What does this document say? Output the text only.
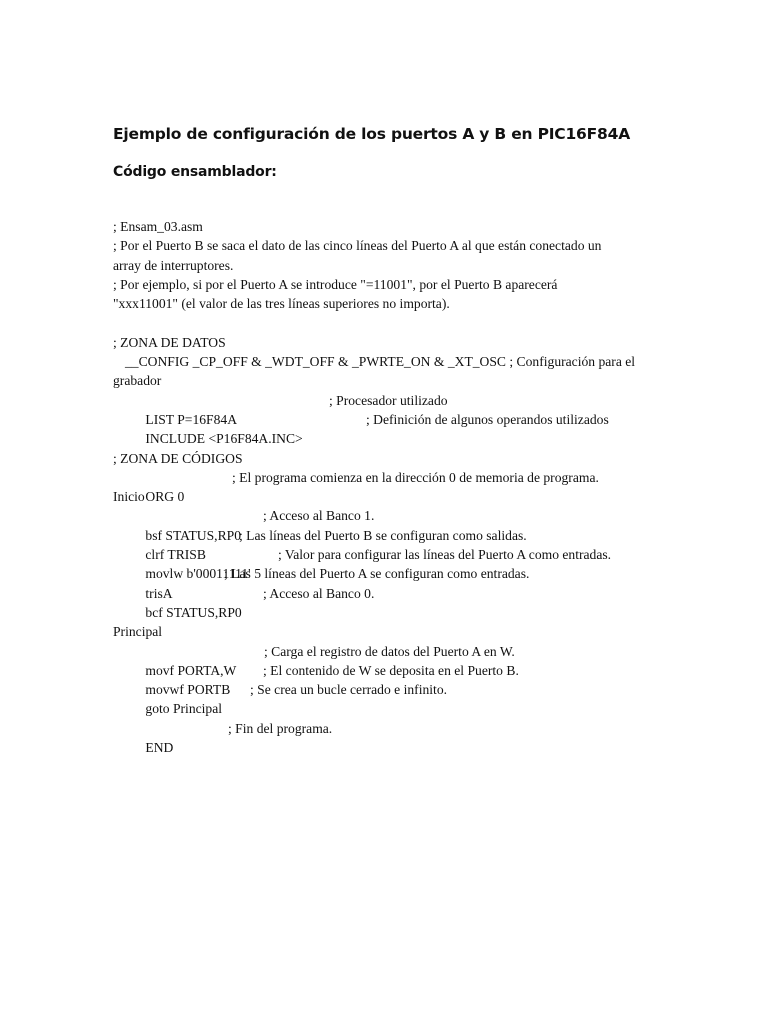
Ejemplo de configuración de los puertos A y B en PIC16F84A
Código ensamblador:
; Ensam_03.asm
; Por el Puerto B se saca el dato de las cinco líneas del Puerto A al que están conectado un
array de interruptores.
; Por ejemplo, si por el Puerto A se introduce "=11001", por el Puerto B aparecerá
"xxx11001" (el valor de las tres líneas superiores no importa).
; ZONA DE DATOS
__CONFIG _CP_OFF & _WDT_OFF & _PWRTE_ON & _XT_OSC ; Configuración para el
grabador

LIST P=16F84A
; Procesador utilizado

INCLUDE <P16F84A.INC>
; Definición de algunos operandos utilizados

; ZONA DE CÓDIGOS

ORG 0
; El programa comienza en la dirección 0 de memoria de programa.

Inicio

bsf STATUS,RP0
; Acceso al Banco 1.

clrf TRISB
; Las líneas del Puerto B se configuran como salidas.

movlw b'00011111'
; Valor para configurar las líneas del Puerto A como entradas.

trisA
; Las 5 líneas del Puerto A se configuran como entradas.

bcf STATUS,RP0
; Acceso al Banco 0.

Principal

movf PORTA,W
; Carga el registro de datos del Puerto A en W.

movwf PORTB
; El contenido de W se deposita en el Puerto B.

goto Principal
; Se crea un bucle cerrado e infinito.

END
; Fin del programa.
